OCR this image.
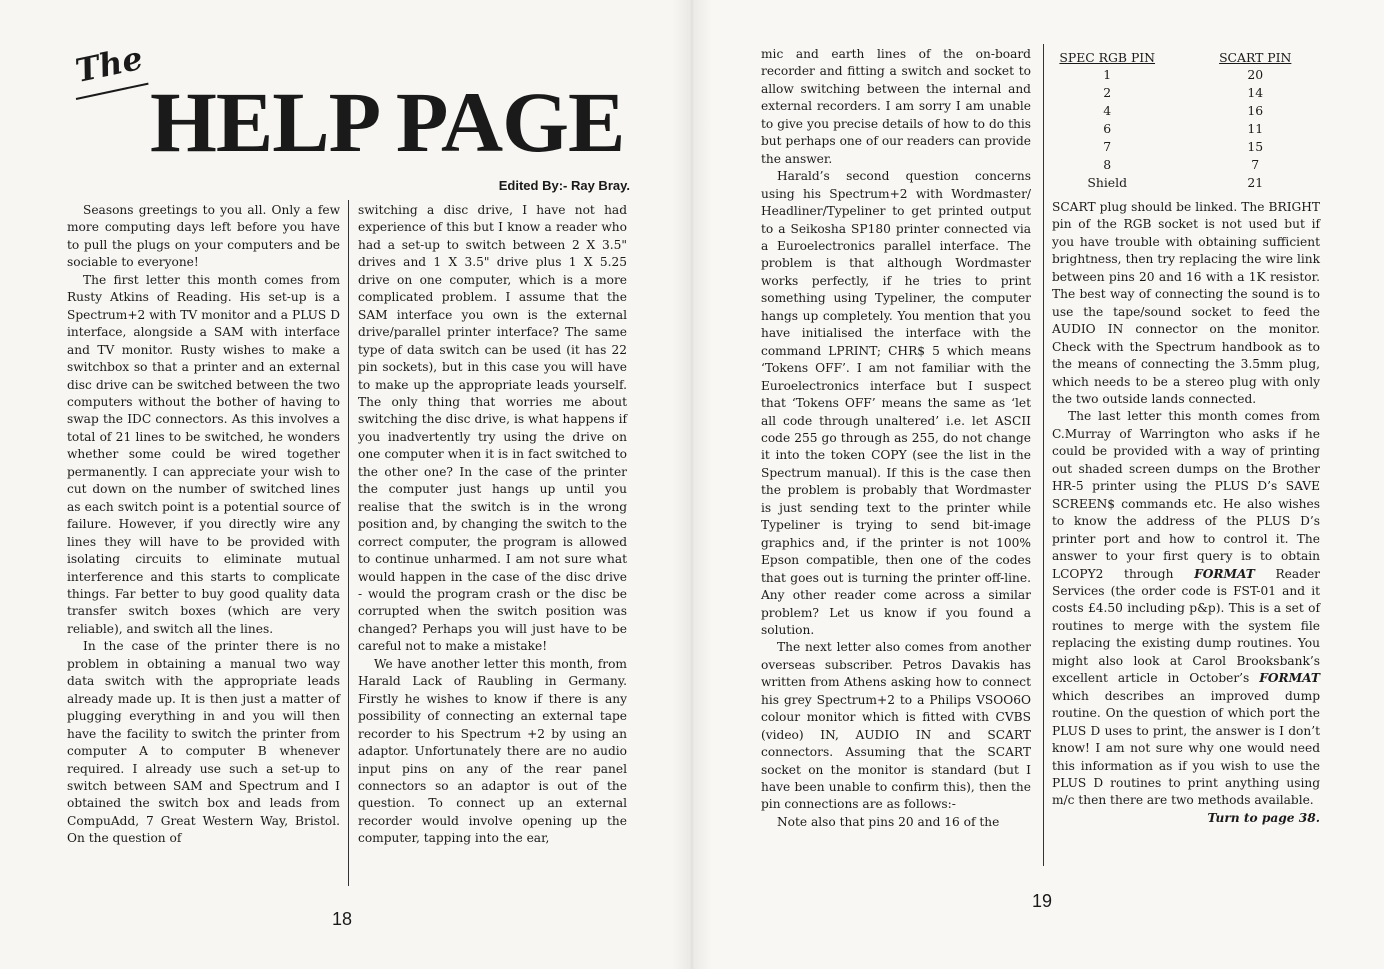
The
HELP PAGE
Edited By:- Ray Bray.

Seasons greetings to you all. Only a few more computing days left before you have to pull the plugs on your computers and be sociable to everyone!

The first letter this month comes from Rusty Atkins of Reading. His set-up is a Spectrum+2 with TV monitor and a PLUS D interface, alongside a SAM with interface and TV monitor. Rusty wishes to make a switchbox so that a printer and an external disc drive can be switched between the two computers without the bother of having to swap the IDC connectors. As this involves a total of 21 lines to be switched, he wonders whether some could be wired together permanently. I can appreciate your wish to cut down on the number of switched lines as each switch point is a potential source of failure. However, if you directly wire any lines they will have to be provided with isolating circuits to eliminate mutual interference and this starts to complicate things. Far better to buy good quality data transfer switch boxes (which are very reliable), and switch all the lines.

In the case of the printer there is no problem in obtaining a manual two way data switch with the appropriate leads already made up. It is then just a matter of plugging everything in and you will then have the facility to switch the printer from computer A to computer B whenever required. I already use such a set-up to switch between SAM and Spectrum and I obtained the switch box and leads from CompuAdd, 7 Great Western Way, Bristol. On the question of

switching a disc drive, I have not had experience of this but I know a reader who had a set-up to switch between 2 X 3.5" drives and 1 X 3.5" drive plus 1 X 5.25 drive on one computer, which is a more complicated problem. I assume that the SAM interface you own is the external drive/parallel printer interface? The same type of data switch can be used (it has 22 pin sockets), but in this case you will have to make up the appropriate leads yourself. The only thing that worries me about switching the disc drive, is what happens if you inadvertently try using the drive on one computer when it is in fact switched to the other one? In the case of the printer the computer just hangs up until you realise that the switch is in the wrong position and, by changing the switch to the correct computer, the program is allowed to continue unharmed. I am not sure what would happen in the case of the disc drive - would the program crash or the disc be corrupted when the switch position was changed? Perhaps you will just have to be careful not to make a mistake!

We have another letter this month, from Harald Lack of Raubling in Germany. Firstly he wishes to know if there is any possibility of connecting an external tape recorder to his Spectrum +2 by using an adaptor. Unfortunately there are no audio input pins on any of the rear panel connectors so an adaptor is out of the question. To connect up an external recorder would involve opening up the computer, tapping into the ear,

18

mic and earth lines of the on-board recorder and fitting a switch and socket to allow switching between the internal and external recorders. I am sorry I am unable to give you precise details of how to do this but perhaps one of our readers can provide the answer.

Harald’s second question concerns using his Spectrum+2 with Wordmaster/ Headliner/Typeliner to get printed output to a Seikosha SP180 printer connected via a Euroelectronics parallel interface. The problem is that although Wordmaster works perfectly, if he tries to print something using Typeliner, the computer hangs up completely. You mention that you have initialised the interface with the command LPRINT; CHR$ 5 which means ‘Tokens OFF’. I am not familiar with the Euroelectronics interface but I suspect that ‘Tokens OFF’ means the same as ‘let all code through unaltered’ i.e. let ASCII code 255 go through as 255, do not change it into the token COPY (see the list in the Spectrum manual). If this is the case then the problem is probably that Wordmaster is just sending text to the printer while Typeliner is trying to send bit-image graphics and, if the printer is not 100% Epson compatible, then one of the codes that goes out is turning the printer off-line. Any other reader come across a similar problem? Let us know if you found a solution.

The next letter also comes from another overseas subscriber. Petros Davakis has written from Athens asking how to connect his grey Spectrum+2 to a Philips VSOO6O colour monitor which is fitted with CVBS (video) IN, AUDIO IN and SCART connectors. Assuming that the SCART socket on the monitor is standard (but I have been unable to confirm this), then the pin connections are as follows:-

Note also that pins 20 and 16 of the

SPEC RGB PIN	SCART PIN
1	20
2	14
4	16
6	11
7	15
8	7
Shield	21

SCART plug should be linked. The BRIGHT pin of the RGB socket is not used but if you have trouble with obtaining sufficient brightness, then try replacing the wire link between pins 20 and 16 with a 1K resistor. The best way of connecting the sound is to use the tape/sound socket to feed the AUDIO IN connector on the monitor. Check with the Spectrum handbook as to the means of connecting the 3.5mm plug, which needs to be a stereo plug with only the two outside lands connected.

The last letter this month comes from C.Murray of Warrington who asks if he could be provided with a way of printing out shaded screen dumps on the Brother HR-5 printer using the PLUS D’s SAVE SCREEN$ commands etc. He also wishes to know the address of the PLUS D’s printer port and how to control it. The answer to your first query is to obtain LCOPY2 through FORMAT Reader Services (the order code is FST-01 and it costs £4.50 including p&p). This is a set of routines to merge with the system file replacing the existing dump routines. You might also look at Carol Brooksbank’s excellent article in October’s FORMAT which describes an improved dump routine. On the question of which port the PLUS D uses to print, the answer is I don’t know! I am not sure why one would need this information as if you wish to use the PLUS D routines to print anything using m/c then there are two methods available.

Turn to page 38.

19
